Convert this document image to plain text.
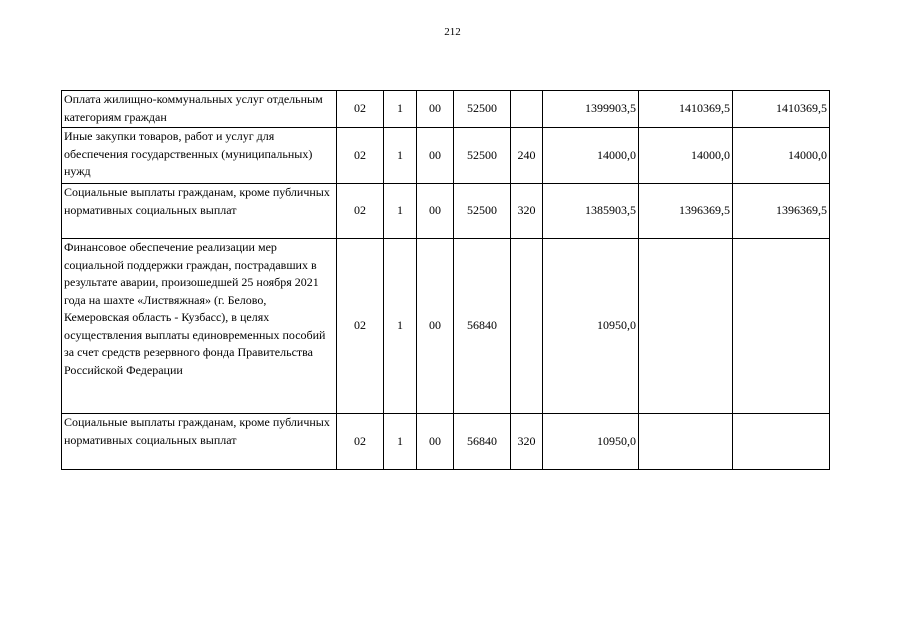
212
Оплата жилищно-коммунальных услуг отдельным категориям граждан	02	1	00	52500		1399903,5	1410369,5	1410369,5
Иные закупки товаров, работ и услуг для обеспечения государственных (муниципальных) нужд	02	1	00	52500	240	14000,0	14000,0	14000,0
Социальные выплаты гражданам, кроме публичных нормативных социальных выплат	02	1	00	52500	320	1385903,5	1396369,5	1396369,5
Финансовое обеспечение реализации мер социальной поддержки граждан, пострадавших в результате аварии, произошедшей 25 ноября 2021 года на шахте «Листвяжная» (г. Белово, Кемеровская область - Кузбасс), в целях осуществления выплаты единовременных пособий за счет средств резервного фонда Правительства Российской Федерации	02	1	00	56840		10950,0		
Социальные выплаты гражданам, кроме публичных нормативных социальных выплат	02	1	00	56840	320	10950,0		
